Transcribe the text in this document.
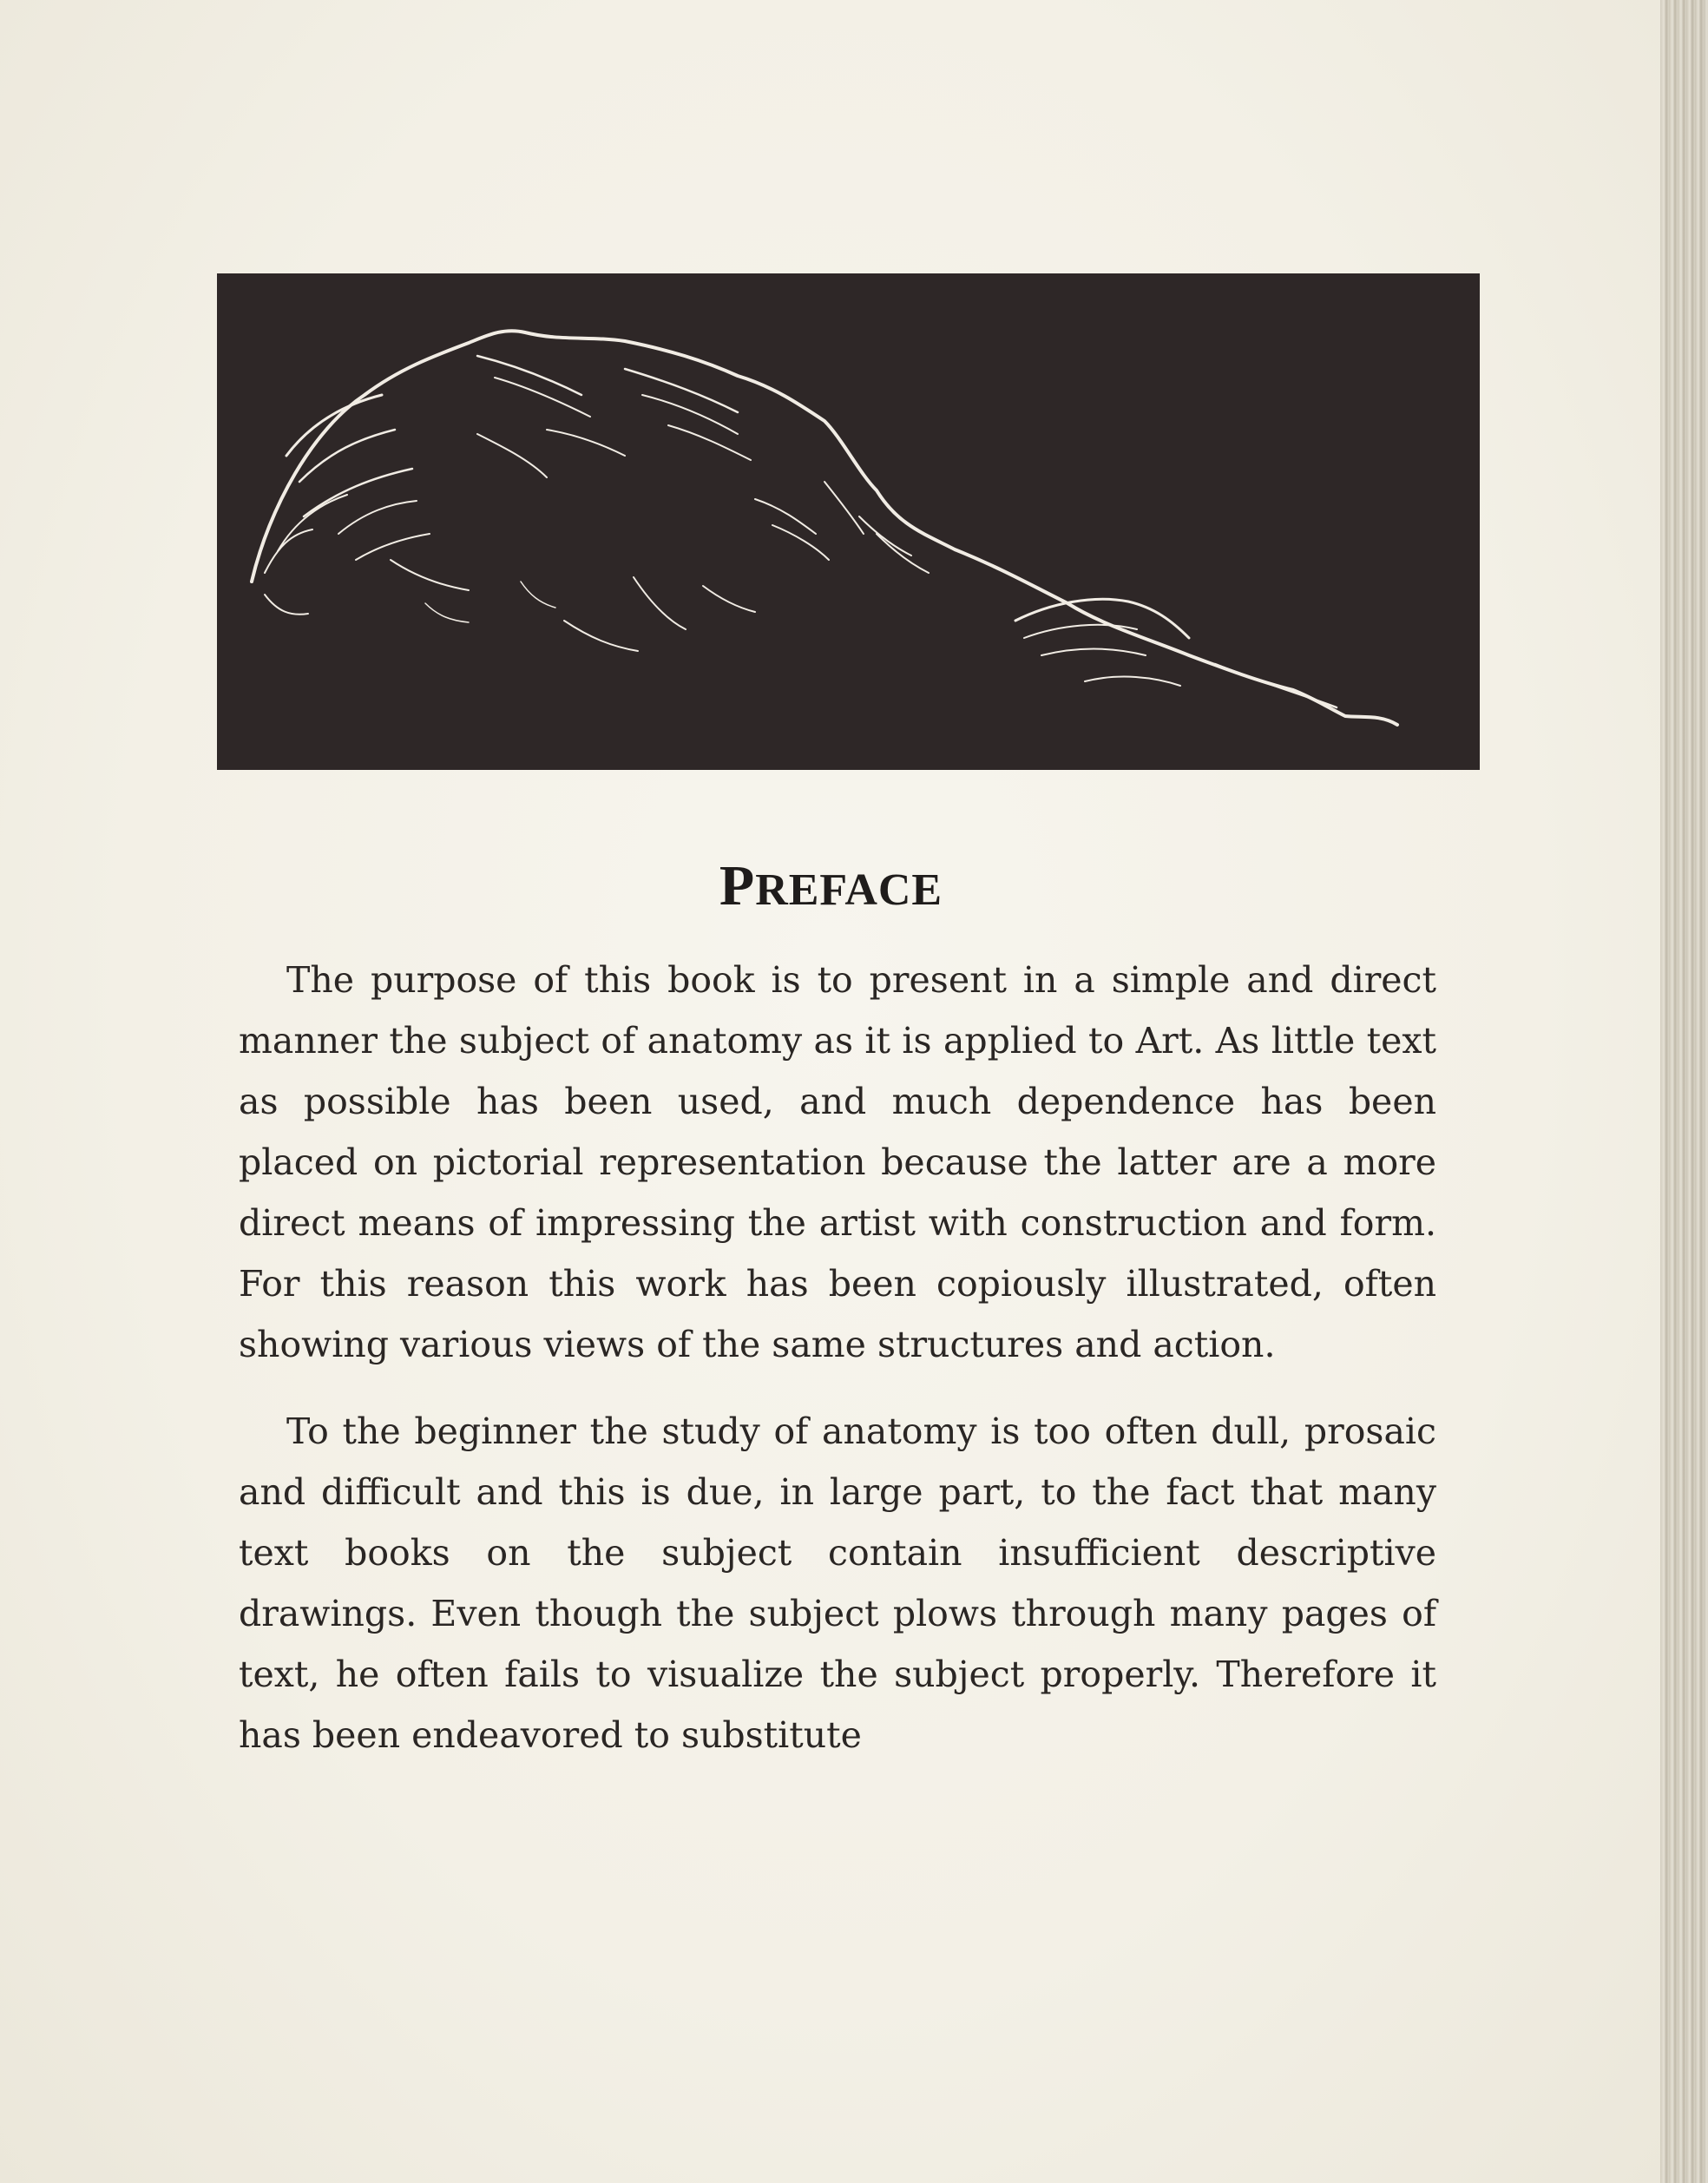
PREFACE

The purpose of this book is to present in a simple and direct manner the subject of anatomy as it is applied to Art. As little text as possible has been used, and much dependence has been placed on pictorial representation because the latter are a more direct means of impressing the artist with construction and form. For this reason this work has been copiously illustrated, often showing various views of the same structures and action.

To the beginner the study of anatomy is too often dull, prosaic and difficult and this is due, in large part, to the fact that many text books on the subject contain insufficient descriptive drawings. Even though the subject plows through many pages of text, he often fails to visualize the subject properly. Therefore it has been endeavored to substitute
